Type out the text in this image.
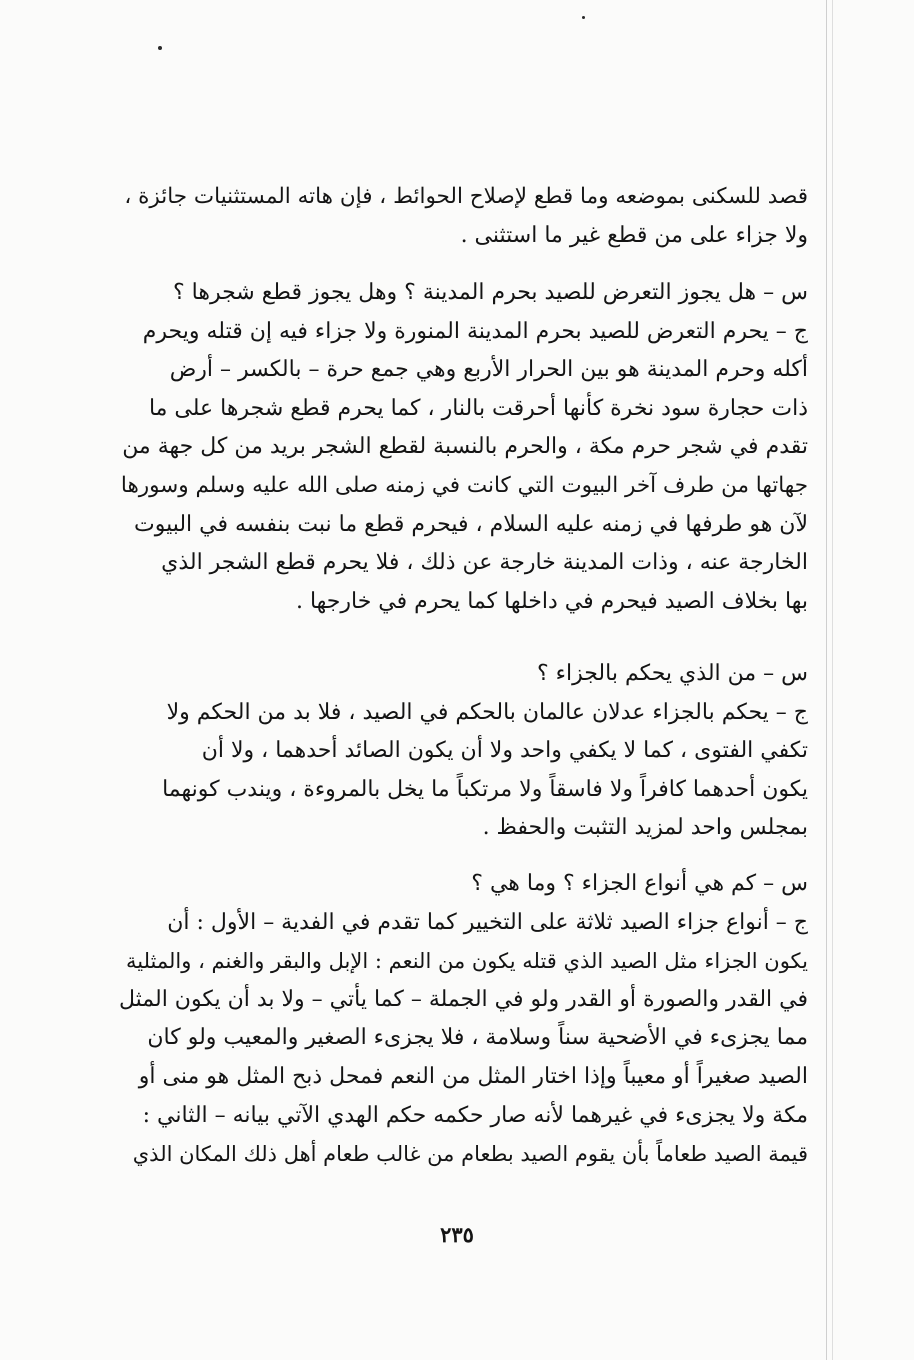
قصد للسكنى بموضعه وما قطع لإصلاح الحوائط ، فإن هاته المستثنيات جائزة ،
ولا جزاء على من قطع غير ما استثنى .
س – هل يجوز التعرض للصيد بحرم المدينة ؟ وهل يجوز قطع شجرها ؟
ج – يحرم التعرض للصيد بحرم المدينة المنورة ولا جزاء فيه إن قتله ويحرم
أكله وحرم المدينة هو بين الحرار الأربع وهي جمع حرة – بالكسر – أرض
ذات حجارة سود نخرة كأنها أحرقت بالنار ، كما يحرم قطع شجرها على ما
تقدم في شجر حرم مكة ، والحرم بالنسبة لقطع الشجر بريد من كل جهة من
جهاتها من طرف آخر البيوت التي كانت في زمنه صلى الله عليه وسلم وسورها
لآن هو طرفها في زمنه عليه السلام ، فيحرم قطع ما نبت بنفسه في البيوت
الخارجة عنه ، وذات المدينة خارجة عن ذلك ، فلا يحرم قطع الشجر الذي
بها بخلاف الصيد فيحرم في داخلها كما يحرم في خارجها .
س – من الذي يحكم بالجزاء ؟
ج – يحكم بالجزاء عدلان عالمان بالحكم في الصيد ، فلا بد من الحكم ولا
تكفي الفتوى ، كما لا يكفي واحد ولا أن يكون الصائد أحدهما ، ولا أن
يكون أحدهما كافراً ولا فاسقاً ولا مرتكباً ما يخل بالمروءة ، ويندب كونهما
بمجلس واحد لمزيد التثبت والحفظ .
س – كم هي أنواع الجزاء ؟ وما هي ؟
ج – أنواع جزاء الصيد ثلاثة على التخيير كما تقدم في الفدية – الأول : أن
يكون الجزاء مثل الصيد الذي قتله يكون من النعم : الإبل والبقر والغنم ، والمثلية
في القدر والصورة أو القدر ولو في الجملة – كما يأتي – ولا بد أن يكون المثل
مما يجزىء في الأضحية سناً وسلامة ، فلا يجزىء الصغير والمعيب ولو كان
الصيد صغيراً أو معيباً وإذا اختار المثل من النعم فمحل ذبح المثل هو منى أو
مكة ولا يجزىء في غيرهما لأنه صار حكمه حكم الهدي الآتي بيانه – الثاني :
قيمة الصيد طعاماً بأن يقوم الصيد بطعام من غالب طعام أهل ذلك المكان الذي
٢٣٥
